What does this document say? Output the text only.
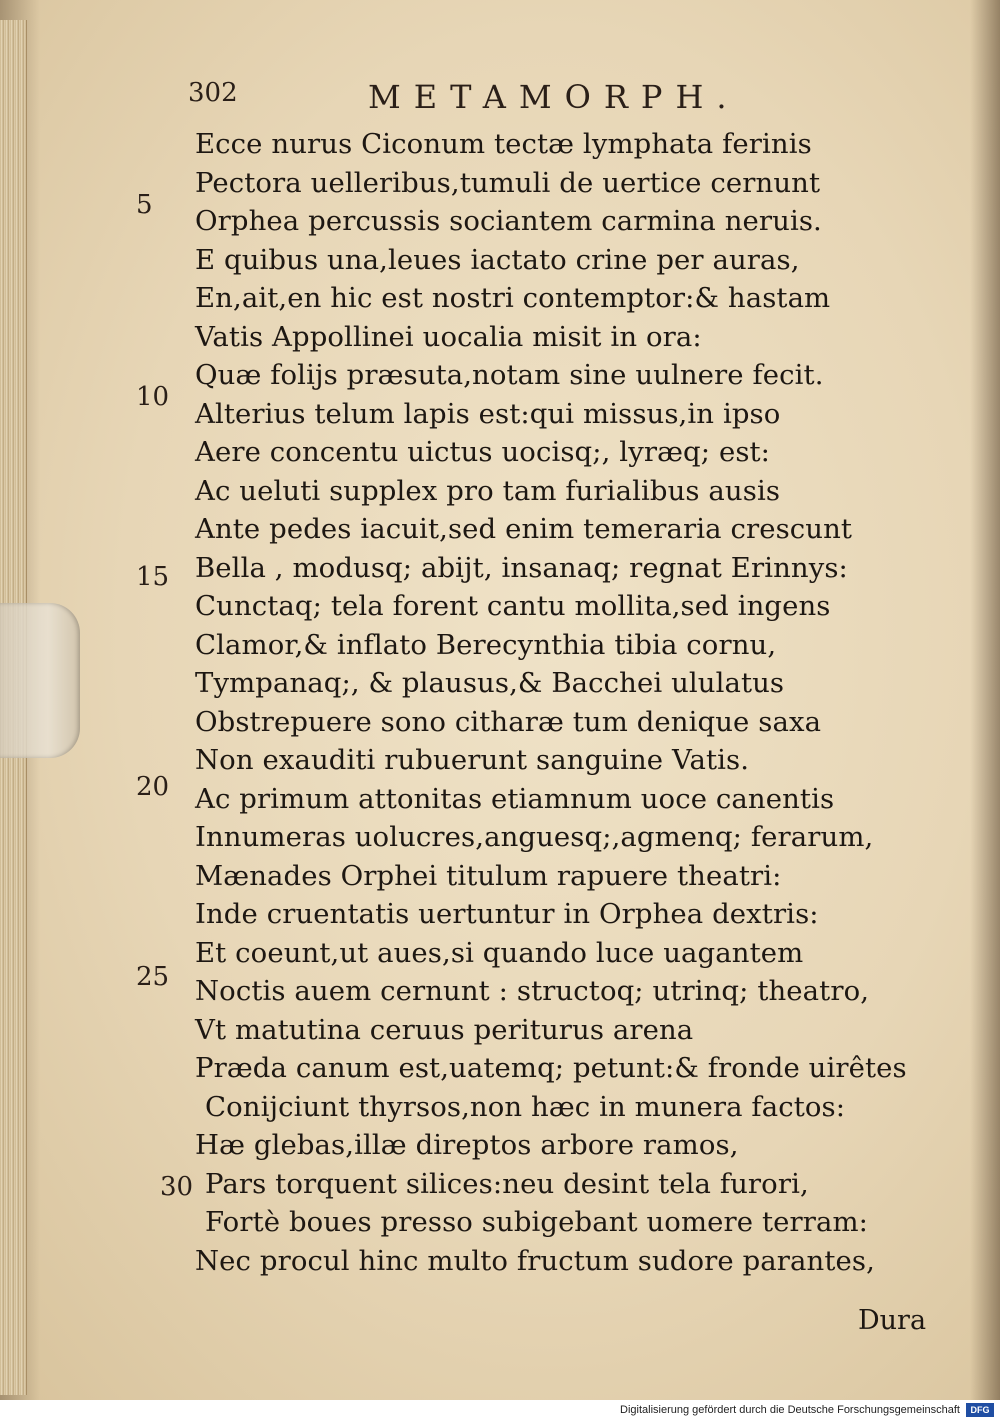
302	METAMORPH.
5
10
15
20
25
30
Ecce nurus Ciconum tectæ lymphata ferinis
Pectora uelleribus,tumuli de uertice cernunt
Orphea percussis sociantem carmina neruis.
E quibus una,leues iactato crine per auras,
En,ait,en hic est nostri contemptor:& hastam
Vatis Appollinei uocalia misit in ora:
Quæ folijs præsuta,notam sine uulnere fecit.
Alterius telum lapis est:qui missus,in ipso
Aere concentu uictus uocisq;, lyræq; est:
Ac ueluti supplex pro tam furialibus ausis
Ante pedes iacuit,sed enim temeraria crescunt
Bella , modusq; abijt, insanaq; regnat Erinnys:
Cunctaq; tela forent cantu mollita,sed ingens
Clamor,& inflato Berecynthia tibia cornu,
Tympanaq;, & plausus,& Bacchei ululatus
Obstrepuere sono citharæ tum denique saxa
Non exauditi rubuerunt sanguine Vatis.
Ac primum attonitas etiamnum uoce canentis
Innumeras uolucres,anguesq;,agmenq; ferarum,
Mænades Orphei titulum rapuere theatri:
Inde cruentatis uertuntur in Orphea dextris:
Et coeunt,ut aues,si quando luce uagantem
Noctis auem cernunt : structoq; utrinq; theatro,
Vt matutina ceruus periturus arena
Præda canum est,uatemq; petunt:& fronde uirêtes
Conijciunt thyrsos,non hæc in munera factos:
Hæ glebas,illæ direptos arbore ramos,
Pars torquent silices:neu desint tela furori,
Fortè boues presso subigebant uomere terram:
Nec procul hinc multo fructum sudore parantes,
Dura
Digitalisierung gefördert durch die Deutsche Forschungsgemeinschaft	DFG
